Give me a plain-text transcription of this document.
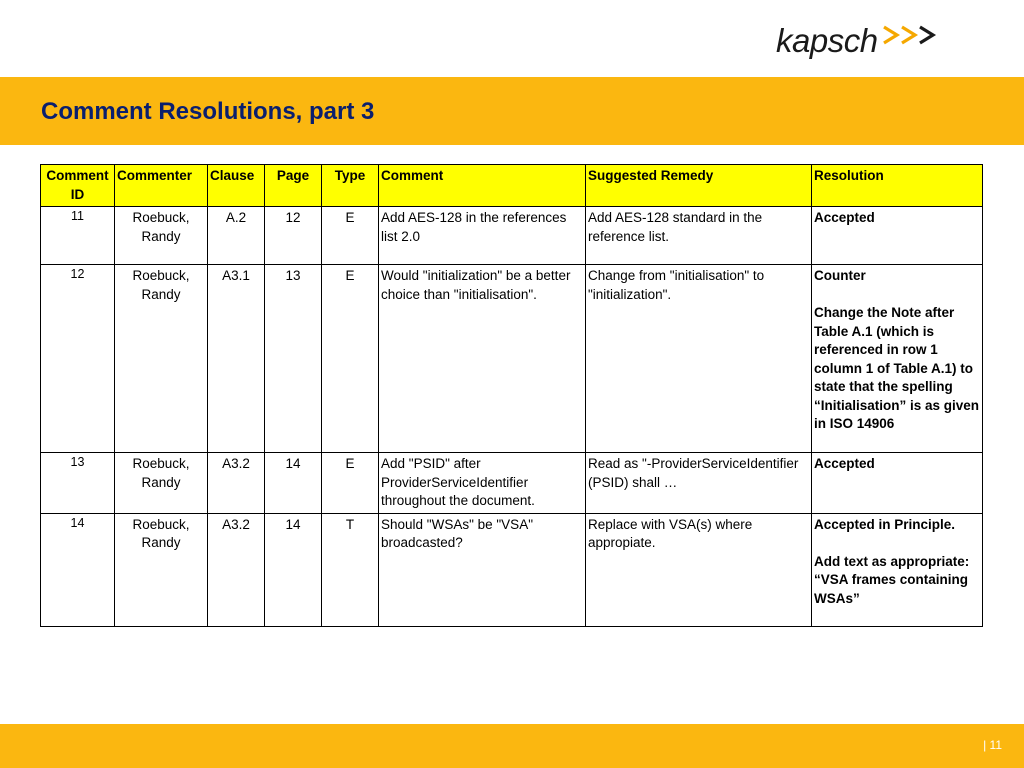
kapsch
Comment Resolutions, part 3
Comment ID	Commenter	Clause	Page	Type	Comment	Suggested Remedy	Resolution
11	Roebuck, Randy	A.2	12	E	Add AES-128 in the references list 2.0	Add AES-128 standard in the reference list.	Accepted
12	Roebuck, Randy	A3.1	13	E	Would "initialization" be a better choice than "initialisation".	Change from "initialisation" to "initialization".	Counter
Change the Note after Table A.1 (which is referenced in row 1 column 1 of Table A.1) to state that the spelling “Initialisation” is as given in ISO 14906
13	Roebuck, Randy	A3.2	14	E	Add "PSID" after ProviderServiceIdentifier throughout the document.	Read as "-ProviderServiceIdentifier (PSID) shall …	Accepted
14	Roebuck, Randy	A3.2	14	T	Should "WSAs" be "VSA" broadcasted?	Replace with VSA(s) where appropiate.	Accepted in Principle.
Add text as appropriate: “VSA frames containing WSAs”
| 11
